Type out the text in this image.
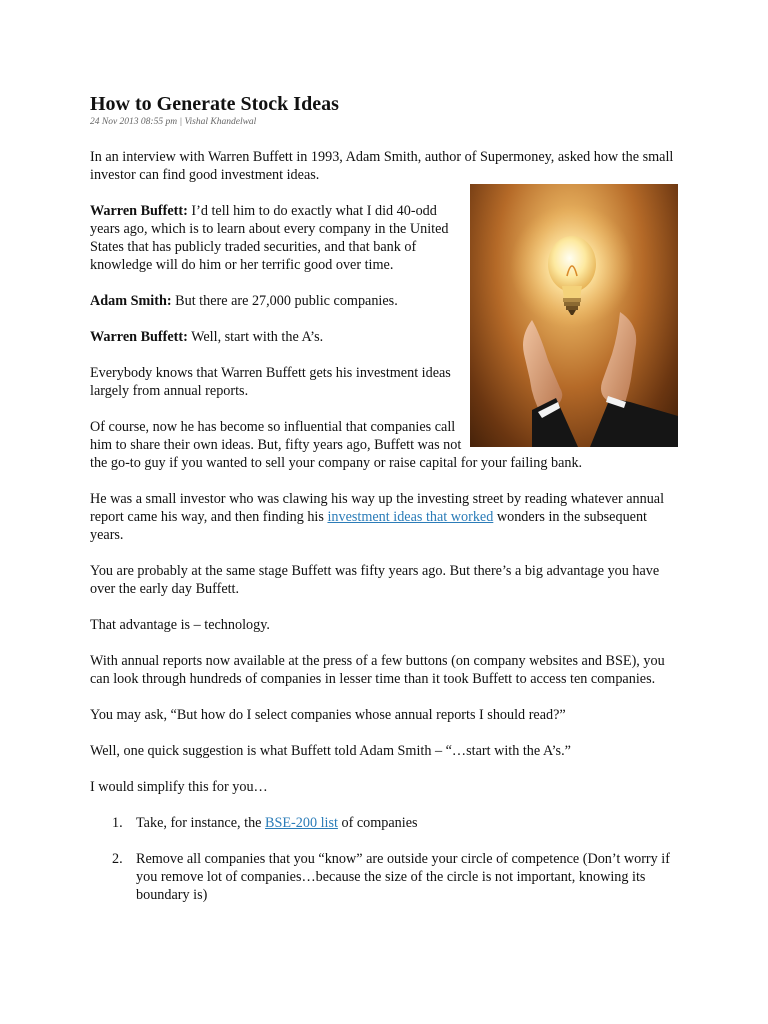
How to Generate Stock Ideas

24 Nov 2013 08:55 pm | Vishal Khandelwal

In an interview with Warren Buffett in 1993, Adam Smith, author of Supermoney, asked how the small investor can find good investment ideas.

Warren Buffett: I’d tell him to do exactly what I did 40-odd years ago, which is to learn about every company in the United States that has publicly traded securities, and that bank of knowledge will do him or her terrific good over time.

Adam Smith: But there are 27,000 public companies.

Warren Buffett: Well, start with the A’s.

Everybody knows that Warren Buffett gets his investment ideas largely from annual reports.

Of course, now he has become so influential that companies call him to share their own ideas. But, fifty years ago, Buffett was not the go-to guy if you wanted to sell your company or raise capital for your failing bank.

He was a small investor who was clawing his way up the investing street by reading whatever annual report came his way, and then finding his investment ideas that worked wonders in the subsequent years.

You are probably at the same stage Buffett was fifty years ago. But there’s a big advantage you have over the early day Buffett.

That advantage is – technology.

With annual reports now available at the press of a few buttons (on company websites and BSE), you can look through hundreds of companies in lesser time than it took Buffett to access ten companies.

You may ask, “But how do I select companies whose annual reports I should read?”

Well, one quick suggestion is what Buffett told Adam Smith – “…start with the A’s.”

I would simplify this for you…

1. Take, for instance, the BSE-200 list of companies
2. Remove all companies that you “know” are outside your circle of competence (Don’t worry if you remove lot of companies…because the size of the circle is not important, knowing its boundary is)
